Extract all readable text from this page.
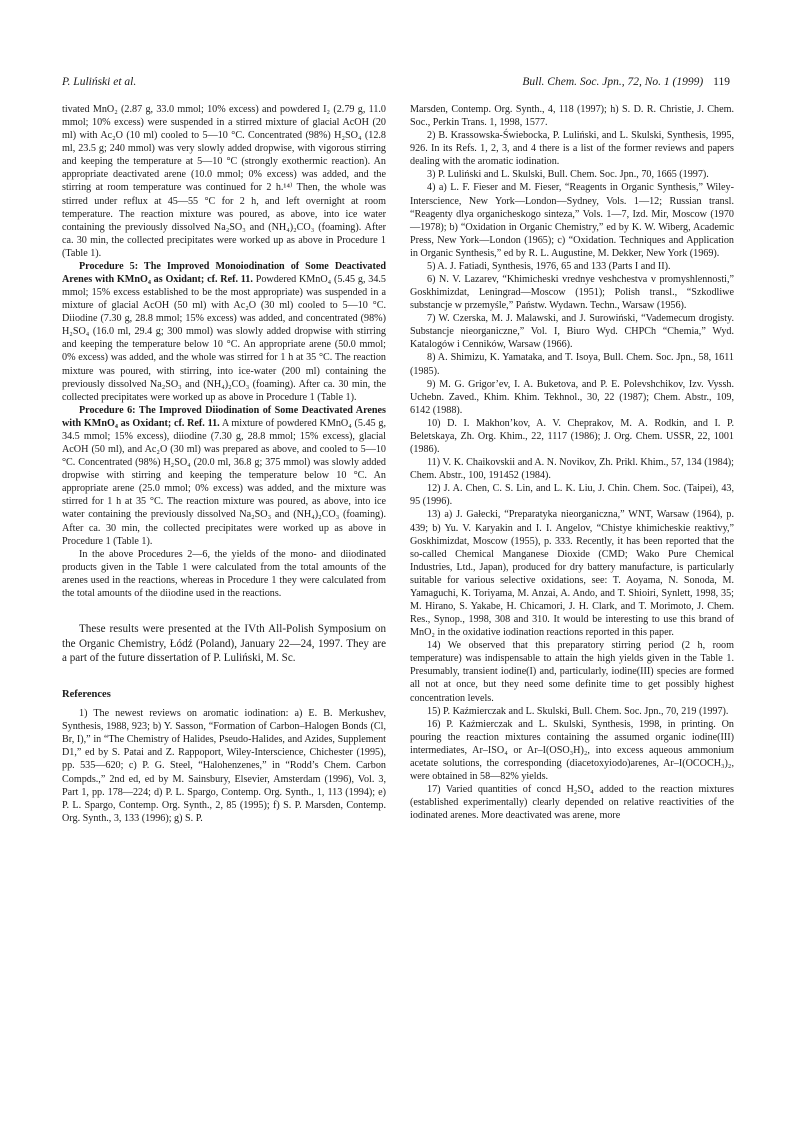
P. Luliński et al.	Bull. Chem. Soc. Jpn., 72, No. 1 (1999) 119

tivated MnO₂ (2.87 g, 33.0 mmol; 10% excess) and powdered I₂ (2.79 g, 11.0 mmol; 10% excess) were suspended in a stirred mixture of glacial AcOH (20 ml) with Ac₂O (10 ml) cooled to 5—10 °C. Concentrated (98%) H₂SO₄ (12.8 ml, 23.5 g; 240 mmol) was very slowly added dropwise, with vigorous stirring and keeping the temperature at 5—10 °C (strongly exothermic reaction). An appropriate deactivated arene (10.0 mmol; 0% excess) was added, and the stirring at room temperature was continued for 2 h.¹⁴⁾ Then, the whole was stirred under reflux at 45—55 °C for 2 h, and left overnight at room temperature. The reaction mixture was poured, as above, into ice water containing the previously dissolved Na₂SO₃ and (NH₄)₂CO₃ (foaming). After ca. 30 min, the collected precipitates were worked up as above in Procedure 1 (Table 1).

Procedure 5: The Improved Monoiodination of Some Deactivated Arenes with KMnO₄ as Oxidant; cf. Ref. 11. Powdered KMnO₄ (5.45 g, 34.5 mmol; 15% excess established to be the most appropriate) was suspended in a mixture of glacial AcOH (50 ml) with Ac₂O (30 ml) cooled to 5—10 °C. Diiodine (7.30 g, 28.8 mmol; 15% excess) was added, and concentrated (98%) H₂SO₄ (16.0 ml, 29.4 g; 300 mmol) was slowly added dropwise with stirring and keeping the temperature below 10 °C. An appropriate arene (50.0 mmol; 0% excess) was added, and the whole was stirred for 1 h at 35 °C. The reaction mixture was poured, with stirring, into ice-water (200 ml) containing the previously dissolved Na₂SO₃ and (NH₄)₂CO₃ (foaming). After ca. 30 min, the collected precipitates were worked up as above in Procedure 1 (Table 1).

Procedure 6: The Improved Diiodination of Some Deactivated Arenes with KMnO₄ as Oxidant; cf. Ref. 11. A mixture of powdered KMnO₄ (5.45 g, 34.5 mmol; 15% excess), diiodine (7.30 g, 28.8 mmol; 15% excess), glacial AcOH (50 ml), and Ac₂O (30 ml) was prepared as above, and cooled to 5—10 °C. Concentrated (98%) H₂SO₄ (20.0 ml, 36.8 g; 375 mmol) was slowly added dropwise with stirring and keeping the temperature below 10 °C. An appropriate arene (25.0 mmol; 0% excess) was added, and the mixture was stirred for 1 h at 35 °C. The reaction mixture was poured, as above, into ice water containing the previously dissolved Na₂SO₃ and (NH₄)₂CO₃ (foaming). After ca. 30 min, the collected precipitates were worked up as above in Procedure 1 (Table 1).

In the above Procedures 2—6, the yields of the mono- and diiodinated products given in the Table 1 were calculated from the total amounts of the arenes used in the reactions, whereas in Procedure 1 they were calculated from the total amounts of the diiodine used in the reactions.

These results were presented at the IVth All-Polish Symposium on the Organic Chemistry, Łódź (Poland), January 22—24, 1997. They are a part of the future dissertation of P. Luliński, M. Sc.

References

1) The newest reviews on aromatic iodination: a) E. B. Merkushev, Synthesis, 1988, 923; b) Y. Sasson, “Formation of Carbon–Halogen Bonds (Cl, Br, I),” in “The Chemistry of Halides, Pseudo-Halides, and Azides, Supplement D1,” ed by S. Patai and Z. Rappoport, Wiley-Interscience, Chichester (1995), pp. 535—620; c) P. G. Steel, “Halohenzenes,” in “Rodd’s Chem. Carbon Compds.,” 2nd ed, ed by M. Sainsbury, Elsevier, Amsterdam (1996), Vol. 3, Part 1, pp. 178—224; d) P. L. Spargo, Contemp. Org. Synth., 1, 113 (1994); e) P. L. Spargo, Contemp. Org. Synth., 2, 85 (1995); f) S. P. Marsden, Contemp. Org. Synth., 3, 133 (1996); g) S. P.

Marsden, Contemp. Org. Synth., 4, 118 (1997); h) S. D. R. Christie, J. Chem. Soc., Perkin Trans. 1, 1998, 1577.

2) B. Krassowska-Świebocka, P. Luliński, and L. Skulski, Synthesis, 1995, 926. In its Refs. 1, 2, 3, and 4 there is a list of the former reviews and papers dealing with the aromatic iodination.

3) P. Luliński and L. Skulski, Bull. Chem. Soc. Jpn., 70, 1665 (1997).

4) a) L. F. Fieser and M. Fieser, “Reagents in Organic Synthesis,” Wiley-Interscience, New York—London—Sydney, Vols. 1—12; Russian transl. “Reagenty dlya organicheskogo sinteza,” Vols. 1—7, Izd. Mir, Moscow (1970—1978); b) “Oxidation in Organic Chemistry,” ed by K. W. Wiberg, Academic Press, New York—London (1965); c) “Oxidation. Techniques and Application in Organic Synthesis,” ed by R. L. Augustine, M. Dekker, New York (1969).

5) A. J. Fatiadi, Synthesis, 1976, 65 and 133 (Parts I and II).

6) N. V. Lazarev, “Khimicheski vrednye veshchestva v promyshlennosti,” Goskhimizdat, Leningrad—Moscow (1951); Polish transl., “Szkodliwe substancje w przemyśle,” Państw. Wydawn. Techn., Warsaw (1956).

7) W. Czerska, M. J. Malawski, and J. Surowiński, “Vademecum drogisty. Substancje nieorganiczne,” Vol. I, Biuro Wyd. CHPCh “Chemia,” Wyd. Katalogów i Cenników, Warsaw (1966).

8) A. Shimizu, K. Yamataka, and T. Isoya, Bull. Chem. Soc. Jpn., 58, 1611 (1985).

9) M. G. Grigor’ev, I. A. Buketova, and P. E. Polevshchikov, Izv. Vyssh. Uchebn. Zaved., Khim. Khim. Tekhnol., 30, 22 (1987); Chem. Abstr., 109, 6142 (1988).

10) D. I. Makhon’kov, A. V. Cheprakov, M. A. Rodkin, and I. P. Beletskaya, Zh. Org. Khim., 22, 1117 (1986); J. Org. Chem. USSR, 22, 1001 (1986).

11) V. K. Chaikovskii and A. N. Novikov, Zh. Prikl. Khim., 57, 134 (1984); Chem. Abstr., 100, 191452 (1984).

12) J. A. Chen, C. S. Lin, and L. K. Liu, J. Chin. Chem. Soc. (Taipei), 43, 95 (1996).

13) a) J. Gałecki, “Preparatyka nieorganiczna,” WNT, Warsaw (1964), p. 439; b) Yu. V. Karyakin and I. I. Angelov, “Chistye khimicheskie reaktivy,” Goskhimizdat, Moscow (1955), p. 333. Recently, it has been reported that the so-called Chemical Manganese Dioxide (CMD; Wako Pure Chemical Industries, Ltd., Japan), produced for dry battery manufacture, is particularly suitable for various selective oxidations, see: T. Aoyama, N. Sonoda, M. Yamaguchi, K. Toriyama, M. Anzai, A. Ando, and T. Shioiri, Synlett, 1998, 35; M. Hirano, S. Yakabe, H. Chicamori, J. H. Clark, and T. Morimoto, J. Chem. Res., Synop., 1998, 308 and 310. It would be interesting to use this brand of MnO₂ in the oxidative iodination reactions reported in this paper.

14) We observed that this preparatory stirring period (2 h, room temperature) was indispensable to attain the high yields given in the Table 1. Presumably, transient iodine(I) and, particularly, iodine(III) species are formed all not at once, but they need some definite time to get possibly highest concentration levels.

15) P. Kaźmierczak and L. Skulski, Bull. Chem. Soc. Jpn., 70, 219 (1997).

16) P. Kaźmierczak and L. Skulski, Synthesis, 1998, in printing. On pouring the reaction mixtures containing the assumed organic iodine(III) intermediates, Ar–ISO₄ or Ar–I(OSO₃H)₂, into excess aqueous ammonium acetate solutions, the corresponding (diacetoxyiodo)arenes, Ar–I(OCOCH₃)₂, were obtained in 58—82% yields.

17) Varied quantities of concd H₂SO₄ added to the reaction mixtures (established experimentally) clearly depended on relative reactivities of the iodinated arenes. More deactivated was arene, more
